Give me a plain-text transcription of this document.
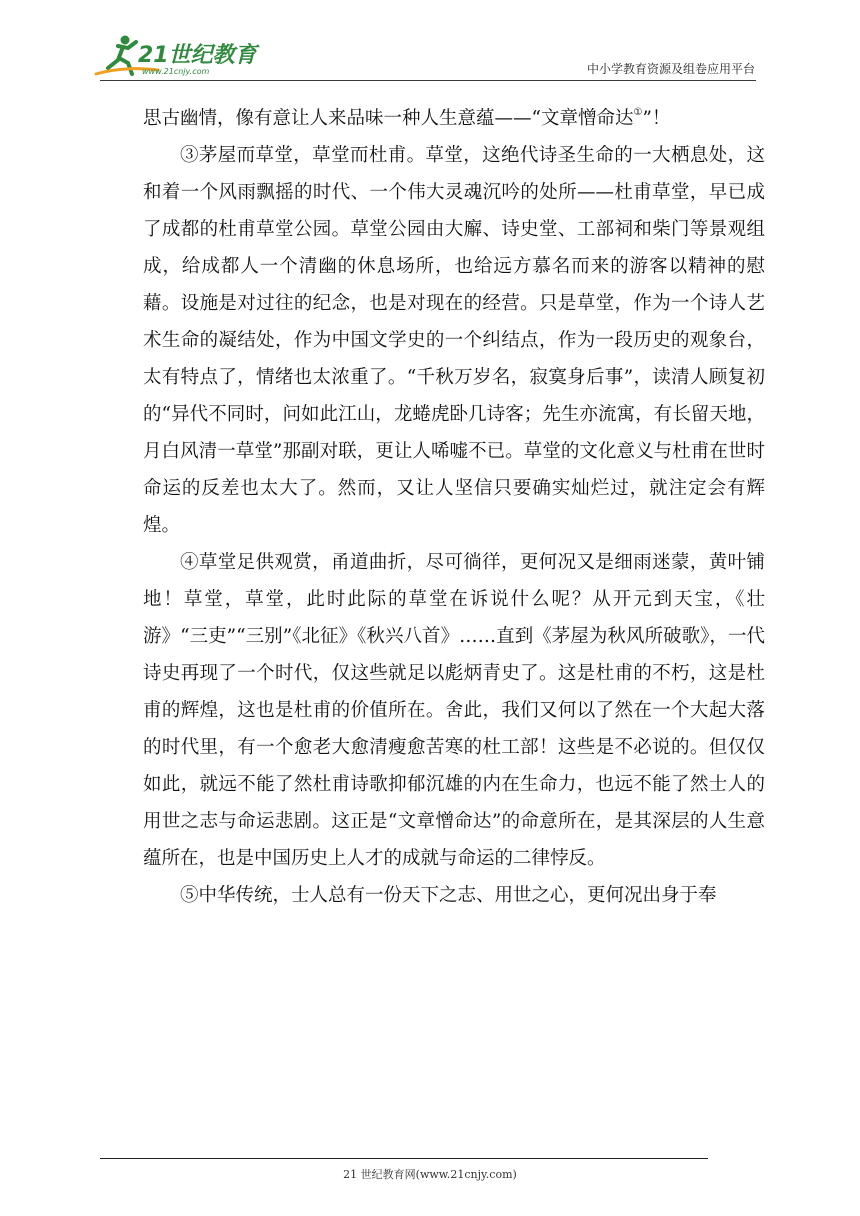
21世纪教育
www.21cnjy.com	中小学教育资源及组卷应用平台

思古幽情，像有意让人来品味一种人生意蕴——“文章憎命达①”！

③茅屋而草堂，草堂而杜甫。草堂，这绝代诗圣生命的一大栖息处，这和着一个风雨飘摇的时代、一个伟大灵魂沉吟的处所——杜甫草堂，早已成了成都的杜甫草堂公园。草堂公园由大廨、诗史堂、工部祠和柴门等景观组成，给成都人一个清幽的休息场所，也给远方慕名而来的游客以精神的慰藉。设施是对过往的纪念，也是对现在的经营。只是草堂，作为一个诗人艺术生命的凝结处，作为中国文学史的一个纠结点，作为一段历史的观象台，太有特点了，情绪也太浓重了。“千秋万岁名，寂寞身后事”，读清人顾复初的“异代不同时，问如此江山，龙蜷虎卧几诗客；先生亦流寓，有长留天地，月白风清一草堂”那副对联，更让人唏嘘不已。草堂的文化意义与杜甫在世时命运的反差也太大了。然而，又让人坚信只要确实灿烂过，就注定会有辉煌。

④草堂足供观赏，甬道曲折，尽可徜徉，更何况又是细雨迷蒙，黄叶铺地！草堂，草堂，此时此际的草堂在诉说什么呢？从开元到天宝，《壮游》“三吏”“三别”《北征》《秋兴八首》……直到《茅屋为秋风所破歌》，一代诗史再现了一个时代，仅这些就足以彪炳青史了。这是杜甫的不朽，这是杜甫的辉煌，这也是杜甫的价值所在。舍此，我们又何以了然在一个大起大落的时代里，有一个愈老大愈清瘦愈苦寒的杜工部！这些是不必说的。但仅仅如此，就远不能了然杜甫诗歌抑郁沉雄的内在生命力，也远不能了然士人的用世之志与命运悲剧。这正是“文章憎命达”的命意所在，是其深层的人生意蕴所在，也是中国历史上人才的成就与命运的二律悖反。

⑤中华传统，士人总有一份天下之志、用世之心，更何况出身于奉

21 世纪教育网(www.21cnjy.com)
